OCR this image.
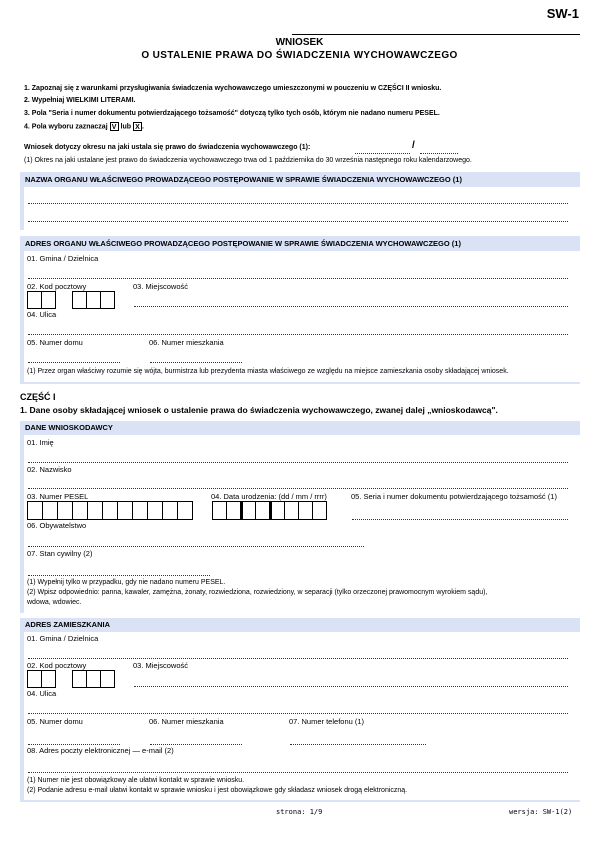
SW-1
WNIOSEK
O USTALENIE PRAWA DO ŚWIADCZENIA WYCHOWAWCZEGO
1. Zapoznaj się z warunkami przysługiwania świadczenia wychowawczego umieszczonymi w pouczeniu w CZĘŚCI II wniosku.
2. Wypełniaj WIELKIMI LITERAMI.
3. Pola "Seria i numer dokumentu potwierdzającego tożsamość" dotyczą tylko tych osób, którym nie nadano numeru PESEL.
4. Pola wyboru zaznaczaj V lub X .
Wniosek dotyczy okresu na jaki ustala się prawo do świadczenia wychowawczego (1):	/
(1) Okres na jaki ustalane jest prawo do świadczenia wychowawczego trwa od 1 października do 30 września następnego roku kalendarzowego.
NAZWA ORGANU WŁAŚCIWEGO PROWADZĄCEGO POSTĘPOWANIE W SPRAWIE ŚWIADCZENIA WYCHOWAWCZEGO (1)
ADRES ORGANU WŁAŚCIWEGO PROWADZĄCEGO POSTĘPOWANIE W SPRAWIE ŚWIADCZENIA WYCHOWAWCZEGO (1)
01. Gmina / Dzielnica
02. Kod pocztowy	03. Miejscowość
04. Ulica
05. Numer domu	06. Numer mieszkania
(1) Przez organ właściwy rozumie się wójta, burmistrza lub prezydenta miasta właściwego ze względu na miejsce zamieszkania osoby składającej wniosek.
CZĘŚĆ I
1. Dane osoby składającej wniosek o ustalenie prawa do świadczenia wychowawczego, zwanej dalej „wnioskodawcą".
DANE WNIOSKODAWCY
01. Imię
02. Nazwisko
03. Numer PESEL	04. Data urodzenia: (dd / mm / rrrr)	05. Seria i numer dokumentu potwierdzającego tożsamość (1)
06. Obywatelstwo
07. Stan cywilny (2)
(1) Wypełnij tylko w przypadku, gdy nie nadano numeru PESEL.
(2) Wpisz odpowiednio: panna, kawaler, zamężna, żonaty, rozwiedziona, rozwiedziony, w separacji (tylko orzeczonej prawomocnym wyrokiem sądu),
wdowa, wdowiec.
ADRES ZAMIESZKANIA
01. Gmina / Dzielnica
02. Kod pocztowy	03. Miejscowość
04. Ulica
05. Numer domu	06. Numer mieszkania	07. Numer telefonu (1)
08. Adres poczty elektronicznej — e-mail (2)
(1) Numer nie jest obowiązkowy ale ułatwi kontakt w sprawie wniosku.
(2) Podanie adresu e-mail ułatwi kontakt w sprawie wniosku i jest obowiązkowe gdy składasz wniosek drogą elektroniczną.
strona: 1/9	wersja: SW-1(2)
